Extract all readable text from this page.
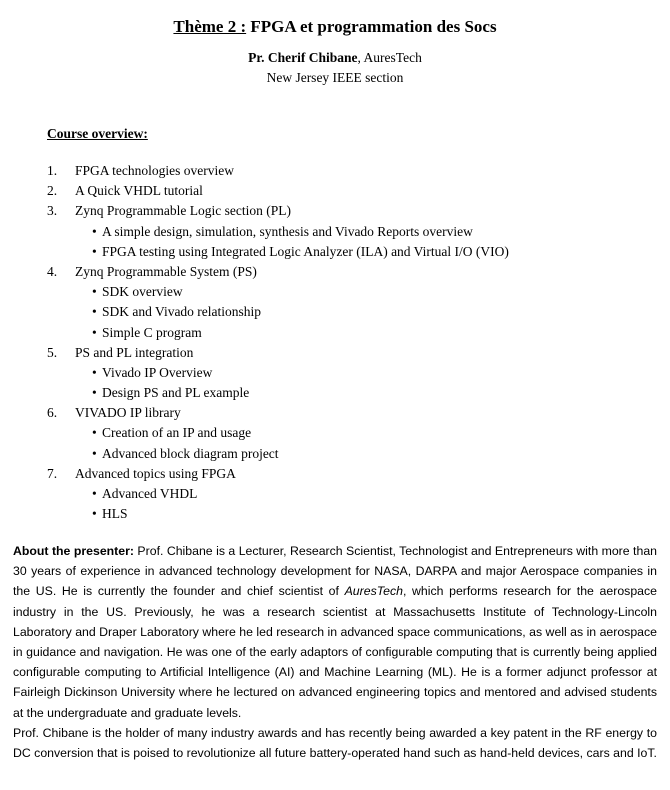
Thème 2 : FPGA et programmation des Socs
Pr. Cherif Chibane, AuresTech
New Jersey IEEE section
Course overview:
1. FPGA technologies overview
2. A Quick VHDL tutorial
3. Zynq Programmable Logic section (PL)
• A simple design, simulation, synthesis and Vivado Reports overview
• FPGA testing using Integrated Logic Analyzer (ILA) and Virtual I/O (VIO)
4. Zynq Programmable System (PS)
• SDK overview
• SDK and Vivado relationship
• Simple C program
5. PS and PL integration
• Vivado IP Overview
• Design PS and PL example
6. VIVADO IP library
• Creation of an IP and usage
• Advanced block diagram project
7. Advanced topics using FPGA
• Advanced VHDL
• HLS

About the presenter: Prof. Chibane is a Lecturer, Research Scientist, Technologist and Entrepreneurs with more than 30 years of experience in advanced technology development for NASA, DARPA and major Aerospace companies in the US. He is currently the founder and chief scientist of AuresTech, which performs research for the aerospace industry in the US. Previously, he was a research scientist at Massachusetts Institute of Technology-Lincoln Laboratory and Draper Laboratory where he led research in advanced space communications, as well as in aerospace in guidance and navigation. He was one of the early adaptors of configurable computing that is currently being applied configurable computing to Artificial Intelligence (AI) and Machine Learning (ML). He is a former adjunct professor at Fairleigh Dickinson University where he lectured on advanced engineering topics and mentored and advised students at the undergraduate and graduate levels.
Prof. Chibane is the holder of many industry awards and has recently being awarded a key patent in the RF energy to DC conversion that is poised to revolutionize all future battery-operated hand such as hand-held devices, cars and IoT.
